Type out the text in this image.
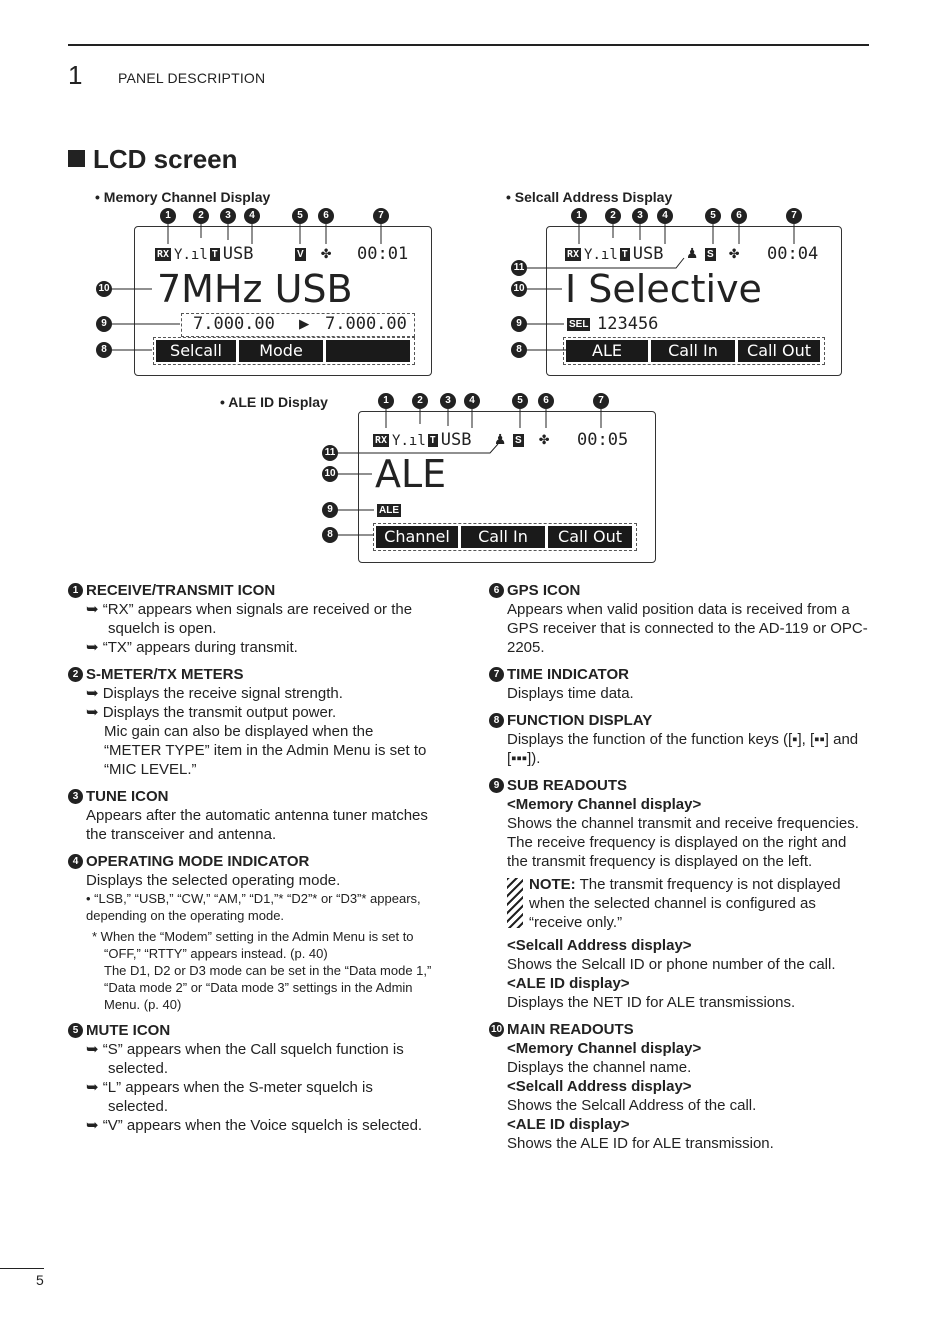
1	PANEL DESCRIPTION
LCD screen
• Memory Channel Display
1	2	3	4	5	6	7
10
9
8
RX Y.ıl T USB	V ✤ 00:01
7MHz USB
7.000.00 ▶ 7.000.00
Selcall	Mode
• Selcall Address Display
1	2	3	4	5	6	7
11
10
9
8
RX Y.ıl T USB ♟ S ✤ 00:04
I Selective
SEL 123456
ALE	Call In	Call Out
• ALE ID Display	1	2	3	4	5	6	7
11
10
9
8
RX Y.ıl T USB ♟ S ✤ 00:05
ALE
ALE
Channel	Call In	Call Out
1 RECEIVE/TRANSMIT ICON
➥ “RX” appears when signals are received or the squelch is open.
➥ “TX” appears during transmit.
2 S-METER/TX METERS
➥ Displays the receive signal strength.
➥ Displays the transmit output power.
Mic gain can also be displayed when the “METER TYPE” item in the Admin Menu is set to “MIC LEVEL.”
3 TUNE ICON
Appears after the automatic antenna tuner matches the transceiver and antenna.
4 OPERATING MODE INDICATOR
Displays the selected operating mode.
• “LSB,” “USB,” “CW,” “AM,” “D1,”* “D2”* or “D3”* appears, depending on the operating mode.
* When the “Modem” setting in the Admin Menu is set to “OFF,” “RTTY” appears instead. (p. 40)
The D1, D2 or D3 mode can be set in the “Data mode 1,” “Data mode 2” or “Data mode 3” settings in the Admin Menu. (p. 40)
5 MUTE ICON
➥ “S” appears when the Call squelch function is selected.
➥ “L” appears when the S-meter squelch is selected.
➥ “V” appears when the Voice squelch is selected.
6 GPS ICON
Appears when valid position data is received from a GPS receiver that is connected to the AD-119 or OPC-2205.
7 TIME INDICATOR
Displays time data.
8 FUNCTION DISPLAY
Displays the function of the function keys ([▪], [▪▪] and [▪▪▪]).
9 SUB READOUTS
<Memory Channel display>
Shows the channel transmit and receive frequencies. The receive frequency is displayed on the right and the transmit frequency is displayed on the left.
NOTE: The transmit frequency is not displayed when the selected channel is configured as “receive only.”
<Selcall Address display>
Shows the Selcall ID or phone number of the call.
<ALE ID display>
Displays the NET ID for ALE transmissions.
10 MAIN READOUTS
<Memory Channel display>
Displays the channel name.
<Selcall Address display>
Shows the Selcall Address of the call.
<ALE ID display>
Shows the ALE ID for ALE transmission.
5
